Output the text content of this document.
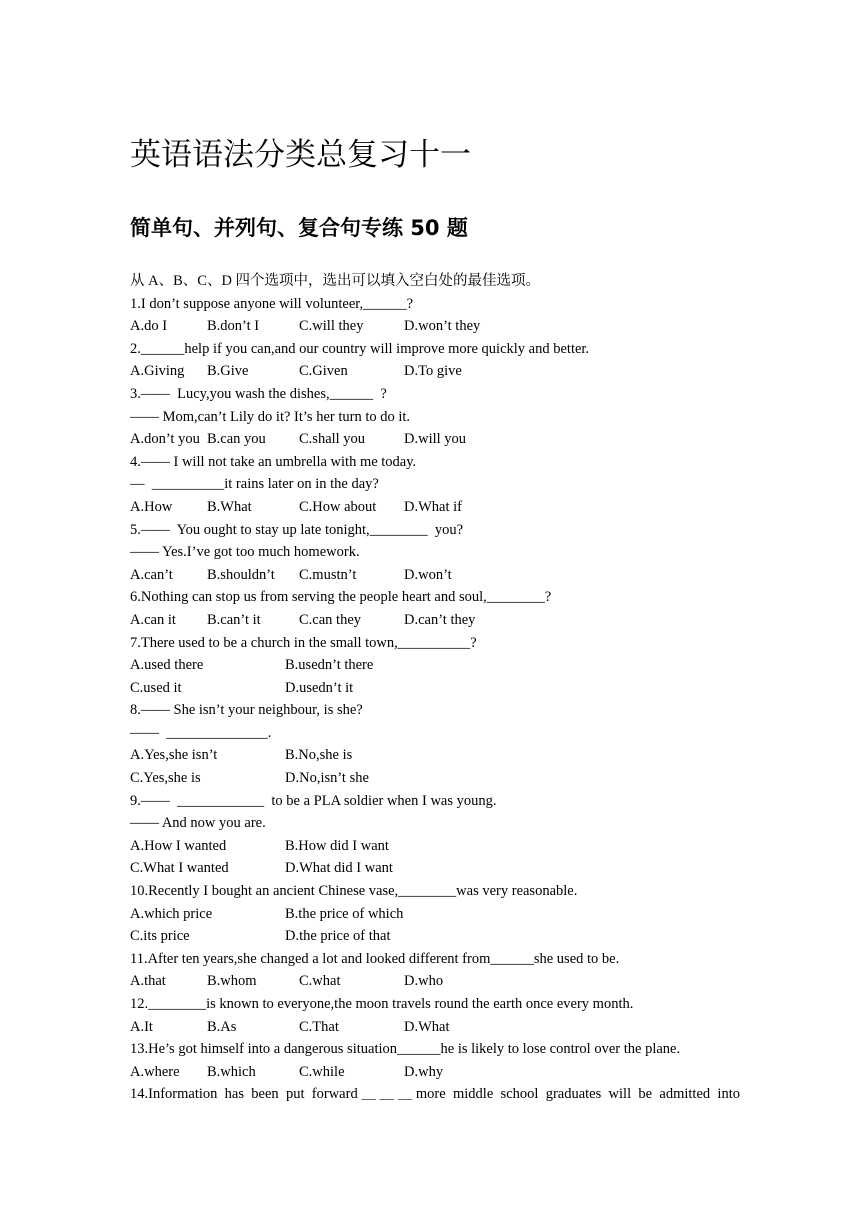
英语语法分类总复习十一
简单句、并列句、复合句专练 50 题
从 A、B、C、D 四个选项中，选出可以填入空白处的最佳选项。
1.I don’t suppose anyone will volunteer,______?
A.do I	B.don’t I	C.will they	D.won’t they
2.______help if you can,and our country will improve more quickly and better.
A.Giving B.Give	C.Given	D.To give
3.——  Lucy,you wash the dishes,______  ?
—— Mom,can’t Lily do it? It’s her turn to do it.
A.don’t you B.can you C.shall you	D.will you
4.—— I will not take an umbrella with me today.
—  __________it rains later on in the day?
A.How B.What	C.How about D.What if
5.——  You ought to stay up late tonight,________  you?
—— Yes.I’ve got too much homework.
A.can’t B.shouldn’t C.mustn’t	D.won’t
6.Nothing can stop us from serving the people heart and soul,________?
A.can it B.can’t it	C.can they	D.can’t they
7.There used to be a church in the small town,__________?
A.used there	B.usedn’t there
C.used it	D.usedn’t it
8.—— She isn’t your neighbour, is she?
——  ______________.
A.Yes,she isn’t	B.No,she is
C.Yes,she is	D.No,isn’t she
9.——  ____________  to be a PLA soldier when I was young.
—— And now you are.
A.How I wanted	B.How did I want
C.What I wanted	D.What did I want
10.Recently I bought an ancient Chinese vase,________was very reasonable.
A.which price	B.the price of which
C.its price	D.the price of that
11.After ten years,she changed a lot and looked different from______she used to be.
A.that	B.whom	C.what	D.who
12.________is known to everyone,the moon travels round the earth once every month.
A.It	B.As	C.That	D.What
13.He’s got himself into a dangerous situation______he is likely to lose control over the plane.
A.where B.which	C.while	D.why
14.Information has been put forward＿＿＿more middle school graduates will be admitted into
